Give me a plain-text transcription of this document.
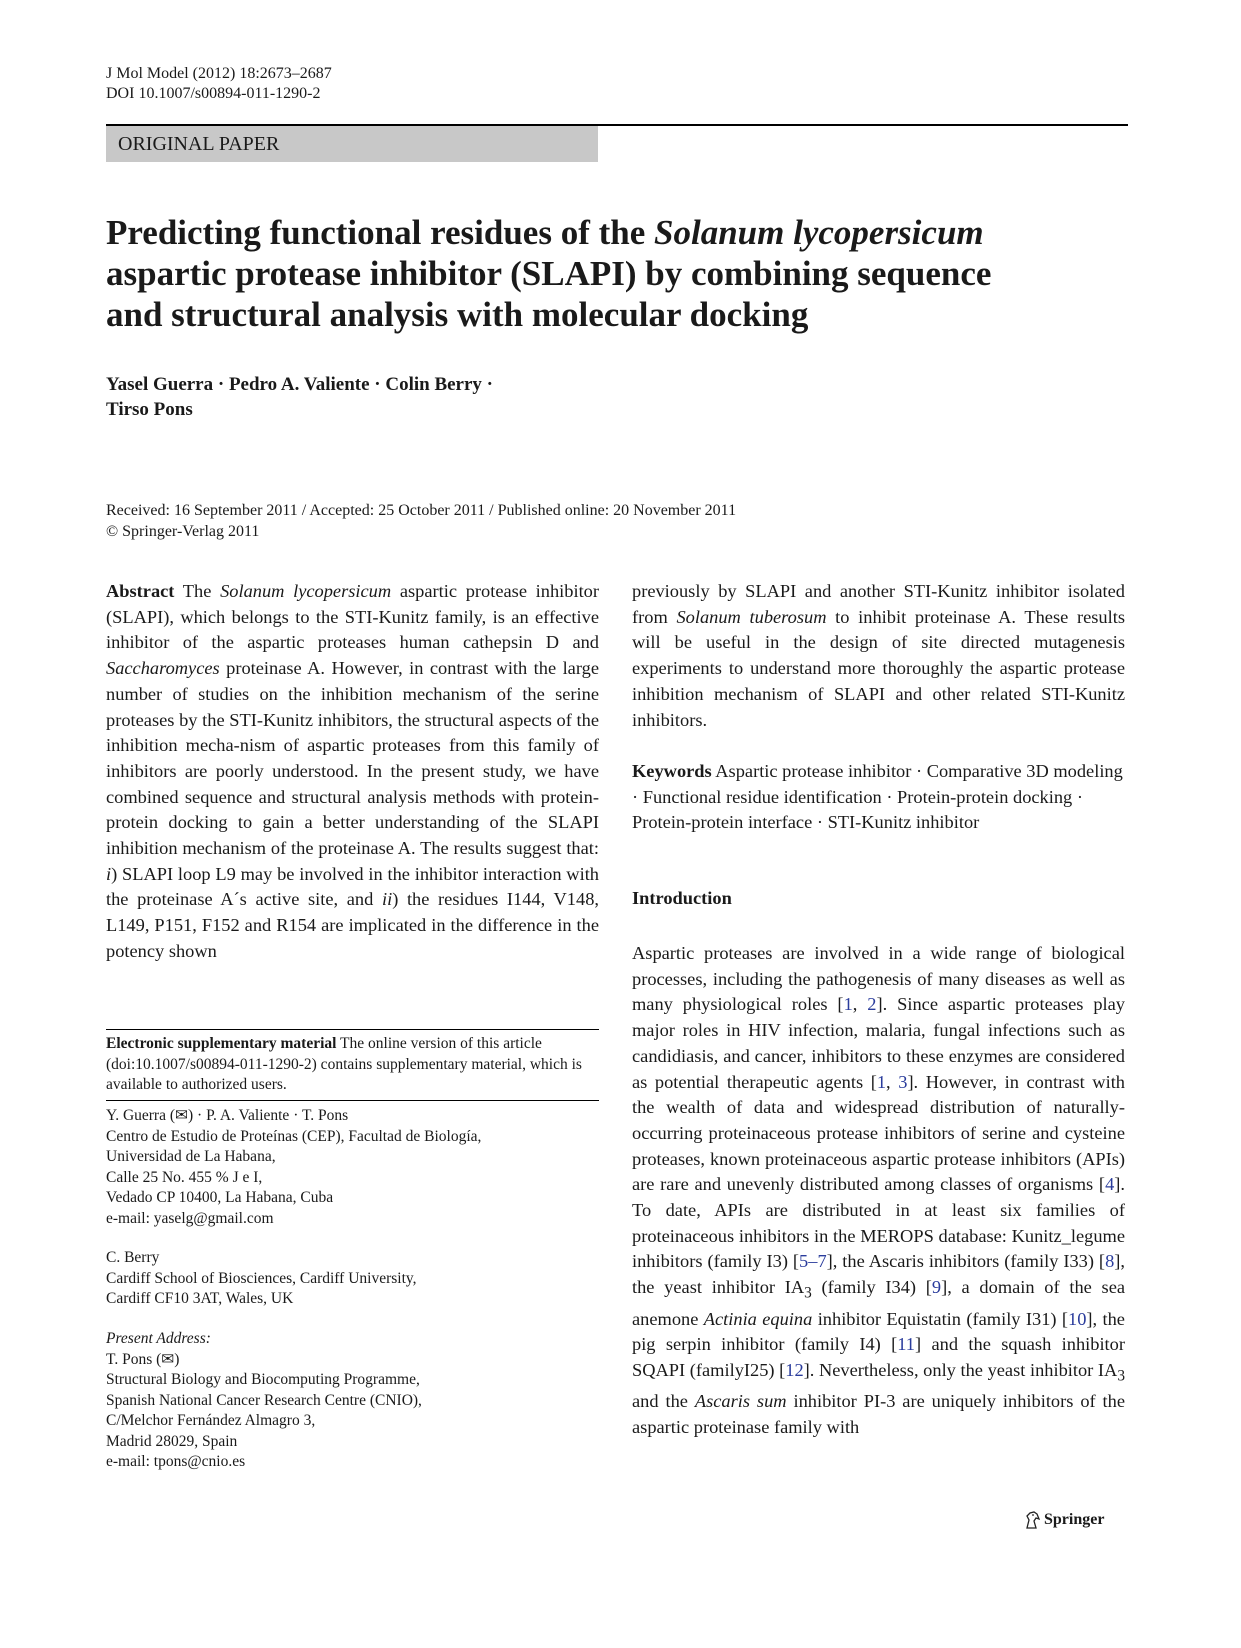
J Mol Model (2012) 18:2673–2687
DOI 10.1007/s00894-011-1290-2
ORIGINAL PAPER
Predicting functional residues of the Solanum lycopersicum
aspartic protease inhibitor (SLAPI) by combining sequence
and structural analysis with molecular docking
Yasel Guerra · Pedro A. Valiente · Colin Berry ·
Tirso Pons
Received: 16 September 2011 / Accepted: 25 October 2011 / Published online: 20 November 2011
© Springer-Verlag 2011

Abstract The Solanum lycopersicum aspartic protease inhibitor (SLAPI), which belongs to the STI-Kunitz family, is an effective inhibitor of the aspartic proteases human cathepsin D and Saccharomyces proteinase A. However, in contrast with the large number of studies on the inhibition mechanism of the serine proteases by the STI-Kunitz inhibitors, the structural aspects of the inhibition mecha-nism of aspartic proteases from this family of inhibitors are poorly understood. In the present study, we have combined sequence and structural analysis methods with protein-protein docking to gain a better understanding of the SLAPI inhibition mechanism of the proteinase A. The results suggest that: i) SLAPI loop L9 may be involved in the inhibitor interaction with the proteinase A´s active site, and ii) the residues I144, V148, L149, P151, F152 and R154 are implicated in the difference in the potency shown

previously by SLAPI and another STI-Kunitz inhibitor isolated from Solanum tuberosum to inhibit proteinase A. These results will be useful in the design of site directed mutagenesis experiments to understand more thoroughly the aspartic protease inhibition mechanism of SLAPI and other related STI-Kunitz inhibitors.

Keywords Aspartic protease inhibitor · Comparative 3D modeling · Functional residue identification · Protein-protein docking · Protein-protein interface · STI-Kunitz inhibitor

Introduction

Aspartic proteases are involved in a wide range of biological processes, including the pathogenesis of many diseases as well as many physiological roles [1, 2]. Since aspartic proteases play major roles in HIV infection, malaria, fungal infections such as candidiasis, and cancer, inhibitors to these enzymes are considered as potential therapeutic agents [1, 3]. However, in contrast with the wealth of data and widespread distribution of naturally-occurring proteinaceous protease inhibitors of serine and cysteine proteases, known proteinaceous aspartic protease inhibitors (APIs) are rare and unevenly distributed among classes of organisms [4]. To date, APIs are distributed in at least six families of proteinaceous inhibitors in the MEROPS database: Kunitz_legume inhibitors (family I3) [5–7], the Ascaris inhibitors (family I33) [8], the yeast inhibitor $IA_3$ (family I34) [9], a domain of the sea anemone Actinia equina inhibitor Equistatin (family I31) [10], the pig serpin inhibitor (family I4) [11] and the squash inhibitor SQAPI (familyI25) [12]. Nevertheless, only the yeast inhibitor $IA_3$ and the Ascaris sum inhibitor PI-3 are uniquely inhibitors of the aspartic proteinase family with

Electronic supplementary material The online version of this article (doi:10.1007/s00894-011-1290-2) contains supplementary material, which is available to authorized users.
Y. Guerra (✉) · P. A. Valiente · T. Pons
Centro de Estudio de Proteínas (CEP), Facultad de Biología,
Universidad de La Habana,
Calle 25 No. 455 % J e I,
Vedado CP 10400, La Habana, Cuba
e-mail: yaselg@gmail.com
C. Berry
Cardiff School of Biosciences, Cardiff University,
Cardiff CF10 3AT, Wales, UK
Present Address:
T. Pons (✉)
Structural Biology and Biocomputing Programme,
Spanish National Cancer Research Centre (CNIO),
C/Melchor Fernández Almagro 3,
Madrid 28029, Spain
e-mail: tpons@cnio.es
Springer
